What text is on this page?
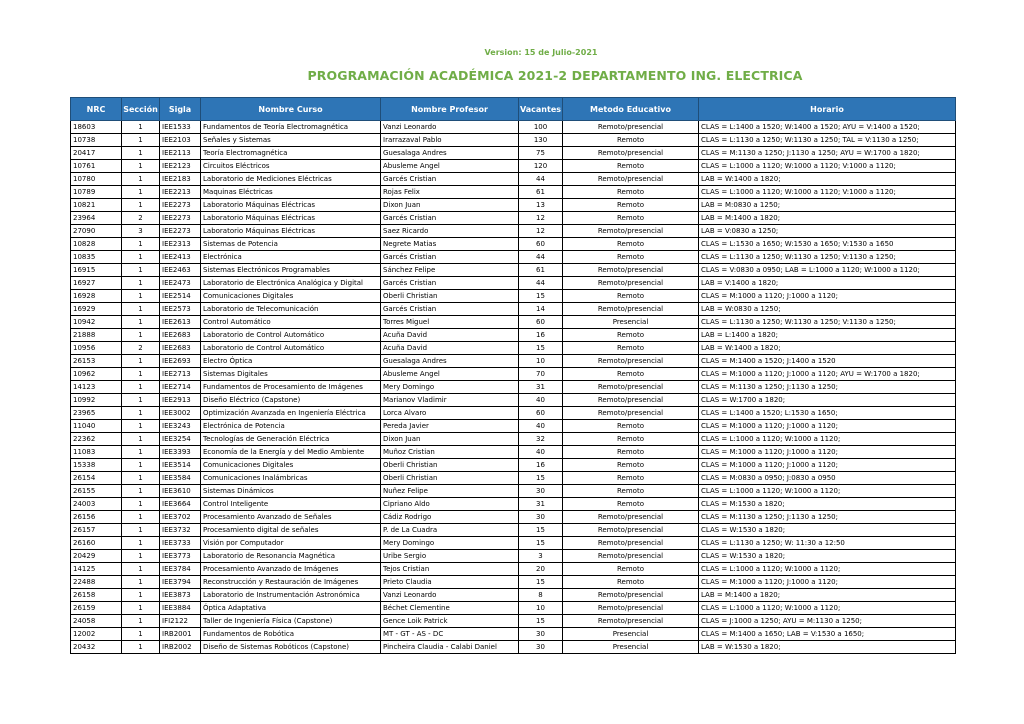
Version: 15 de Julio-2021
PROGRAMACIÓN ACADÉMICA 2021-2 DEPARTAMENTO ING. ELECTRICA
NRC	Sección	Sigla	Nombre Curso	Nombre Profesor	Vacantes	Metodo Educativo	Horario
18603	1	IEE1533	Fundamentos de Teoría Electromagnética	Vanzi Leonardo	100	Remoto/presencial	CLAS = L:1400 a 1520; W:1400 a 1520; AYU = V:1400 a 1520;
10738	1	IEE2103	Señales y Sistemas	Irarrazaval Pablo	130	Remoto	CLAS = L:1130 a 1250; W:1130 a 1250; TAL = V:1130 a 1250;
20417	1	IEE2113	Teoría Electromagnética	Guesalaga Andres	75	Remoto/presencial	CLAS = M:1130 a 1250; J:1130 a 1250; AYU = W:1700 a 1820;
10761	1	IEE2123	Circuitos Eléctricos	Abusleme Angel	120	Remoto	CLAS = L:1000 a 1120; W:1000 a 1120; V:1000 a 1120;
10780	1	IEE2183	Laboratorio de Mediciones Eléctricas	Garcés Cristian	44	Remoto/presencial	LAB = W:1400 a 1820;
10789	1	IEE2213	Maquinas Eléctricas	Rojas Felix	61	Remoto	CLAS = L:1000 a 1120; W:1000 a 1120; V:1000 a 1120;
10821	1	IEE2273	Laboratorio Máquinas Eléctricas	Dixon Juan	13	Remoto	LAB = M:0830 a 1250;
23964	2	IEE2273	Laboratorio Máquinas Eléctricas	Garcés Cristian	12	Remoto	LAB = M:1400 a 1820;
27090	3	IEE2273	Laboratorio Máquinas Eléctricas	Saez Ricardo	12	Remoto/presencial	LAB = V:0830 a 1250;
10828	1	IEE2313	Sistemas de Potencia	Negrete Matias	60	Remoto	CLAS = L:1530 a 1650; W:1530 a 1650; V:1530 a 1650
10835	1	IEE2413	Electrónica	Garcés Cristian	44	Remoto	CLAS = L:1130 a 1250; W:1130 a 1250; V:1130 a 1250;
16915	1	IEE2463	Sistemas Electrónicos Programables	Sánchez Felipe	61	Remoto/presencial	CLAS = V:0830 a 0950; LAB = L:1000 a 1120; W:1000 a 1120;
16927	1	IEE2473	Laboratorio de Electrónica Analógica y Digital	Garcés Cristian	44	Remoto/presencial	LAB = V:1400 a 1820;
16928	1	IEE2514	Comunicaciones Digitales	Oberli Christian	15	Remoto	CLAS = M:1000 a 1120; J:1000 a 1120;
16929	1	IEE2573	Laboratorio de Telecomunicación	Garcés Cristian	14	Remoto/presencial	LAB = W:0830 a 1250;
10942	1	IEE2613	Control Automático	Torres Miguel	60	Presencial	CLAS = L:1130 a 1250; W:1130 a 1250; V:1130 a 1250;
21888	1	IEE2683	Laboratorio de Control Automático	Acuña David	16	Remoto	LAB = L:1400 a 1820;
10956	2	IEE2683	Laboratorio de Control Automático	Acuña David	15	Remoto	LAB = W:1400 a 1820;
26153	1	IEE2693	Electro Óptica	Guesalaga Andres	10	Remoto/presencial	CLAS = M:1400 a 1520; J:1400 a 1520
10962	1	IEE2713	Sistemas Digitales	Abusleme Angel	70	Remoto	CLAS = M:1000 a 1120; J:1000 a 1120; AYU = W:1700 a 1820;
14123	1	IEE2714	Fundamentos de Procesamiento de Imágenes	Mery Domingo	31	Remoto/presencial	CLAS = M:1130 a 1250; J:1130 a 1250;
10992	1	IEE2913	Diseño Eléctrico (Capstone)	Marianov Vladimir	40	Remoto/presencial	CLAS = W:1700 a 1820;
23965	1	IEE3002	Optimización Avanzada en Ingeniería Eléctrica	Lorca Alvaro	60	Remoto/presencial	CLAS = L:1400 a 1520; L:1530 a 1650;
11040	1	IEE3243	Electrónica de Potencia	Pereda Javier	40	Remoto	CLAS = M:1000 a 1120; J:1000 a 1120;
22362	1	IEE3254	Tecnologías de Generación Eléctrica	Dixon Juan	32	Remoto	CLAS = L:1000 a 1120; W:1000 a 1120;
11083	1	IEE3393	Economía de la Energía y del Medio Ambiente	Muñoz Cristian	40	Remoto	CLAS = M:1000 a 1120; J:1000 a 1120;
15338	1	IEE3514	Comunicaciones Digitales	Oberli Christian	16	Remoto	CLAS = M:1000 a 1120; J:1000 a 1120;
26154	1	IEE3584	Comunicaciones Inalámbricas	Oberli Christian	15	Remoto	CLAS = M:0830 a 0950; J:0830 a 0950
26155	1	IEE3610	Sistemas Dinámicos	Nuñez Felipe	30	Remoto	CLAS = L:1000 a 1120; W:1000 a 1120;
24003	1	IEE3664	Control Inteligente	Cipriano Aldo	31	Remoto	CLAS = M:1530 a 1820;
26156	1	IEE3702	Procesamiento Avanzado de Señales	Cádiz Rodrigo	30	Remoto/presencial	CLAS = M:1130 a 1250; J:1130 a 1250;
26157	1	IEE3732	Procesamiento digital de señales	P. de La Cuadra	15	Remoto/presencial	CLAS = W:1530 a 1820;
26160	1	IEE3733	Visión por Computador	Mery Domingo	15	Remoto/presencial	CLAS = L:1130 a 1250; W: 11:30 a 12:50
20429	1	IEE3773	Laboratorio de Resonancia Magnética	Uribe Sergio	3	Remoto/presencial	CLAS = W:1530 a 1820;
14125	1	IEE3784	Procesamiento Avanzado de Imágenes	Tejos Cristian	20	Remoto	CLAS = L:1000 a 1120; W:1000 a 1120;
22488	1	IEE3794	Reconstrucción y Restauración de Imágenes	Prieto Claudia	15	Remoto	CLAS = M:1000 a 1120; J:1000 a 1120;
26158	1	IEE3873	Laboratorio de Instrumentación Astronómica	Vanzi Leonardo	8	Remoto/presencial	LAB = M:1400 a 1820;
26159	1	IEE3884	Óptica Adaptativa	Béchet Clementine	10	Remoto/presencial	CLAS = L:1000 a 1120; W:1000 a 1120;
24058	1	IFI2122	Taller de Ingeniería Física (Capstone)	Gence Loik Patrick	15	Remoto/presencial	CLAS = J:1000 a 1250; AYU = M:1130 a 1250;
12002	1	IRB2001	Fundamentos de Robótica	MT - GT - AS - DC	30	Presencial	CLAS = M:1400 a 1650; LAB = V:1530 a 1650;
20432	1	IRB2002	Diseño de Sistemas Robóticos (Capstone)	Pincheira Claudia - Calabi Daniel	30	Presencial	LAB = W:1530 a 1820;
